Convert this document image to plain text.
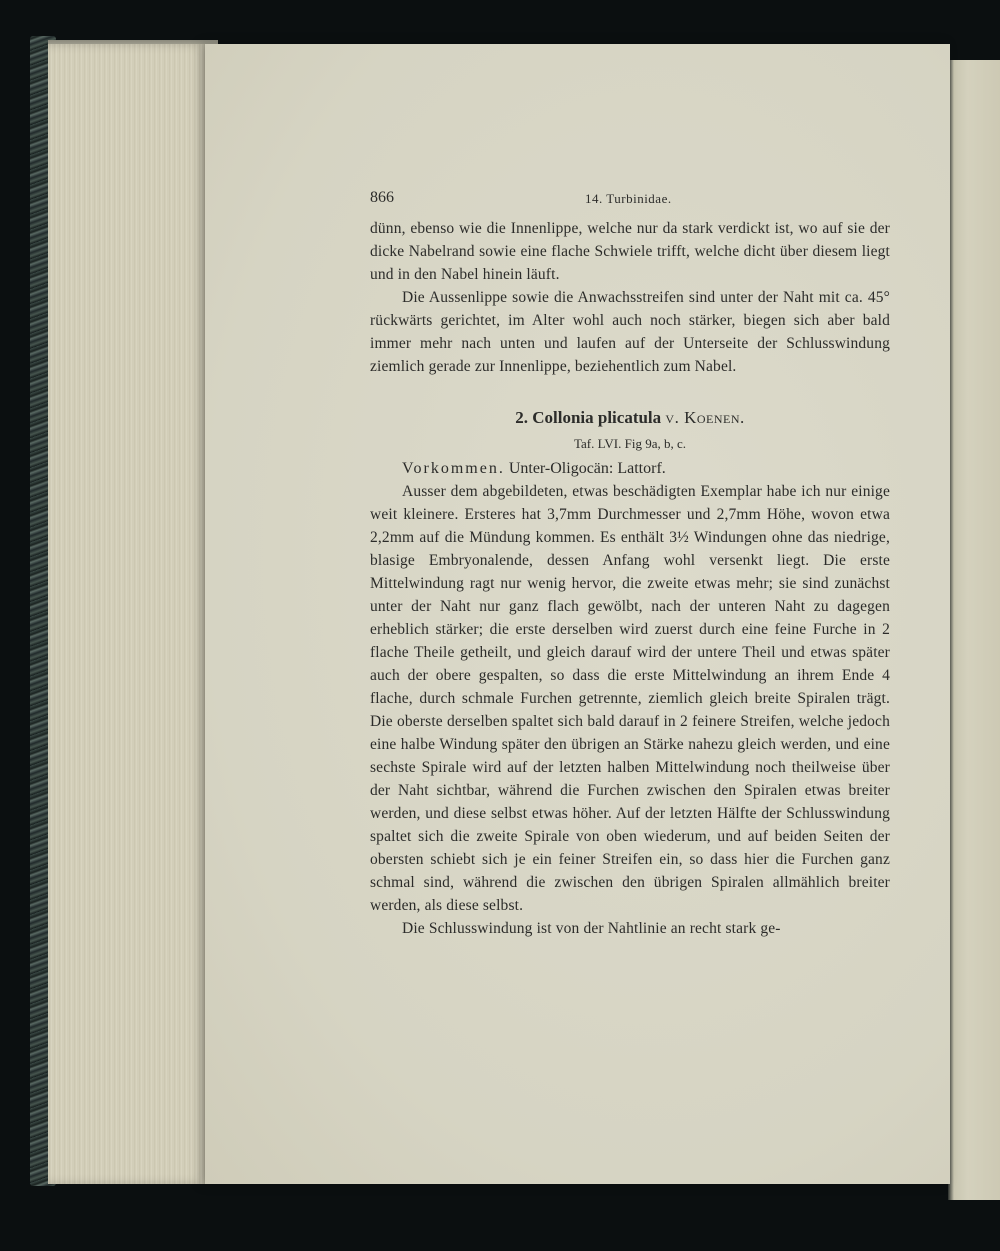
866	14. Turbinidae.

dünn, ebenso wie die Innenlippe, welche nur da stark verdickt ist, wo auf sie der dicke Nabelrand sowie eine flache Schwiele trifft, welche dicht über diesem liegt und in den Nabel hinein läuft.

Die Aussenlippe sowie die Anwachsstreifen sind unter der Naht mit ca. 45° rückwärts gerichtet, im Alter wohl auch noch stärker, biegen sich aber bald immer mehr nach unten und laufen auf der Unterseite der Schlusswindung ziemlich gerade zur Innenlippe, beziehentlich zum Nabel.

2. Collonia plicatula v. Koenen.
Taf. LVI. Fig 9a, b, c.

Vorkommen. Unter-Oligocän: Lattorf.

Ausser dem abgebildeten, etwas beschädigten Exemplar habe ich nur einige weit kleinere. Ersteres hat 3,7mm Durchmesser und 2,7mm Höhe, wovon etwa 2,2mm auf die Mündung kommen. Es enthält 3½ Windungen ohne das niedrige, blasige Embryonalende, dessen Anfang wohl versenkt liegt. Die erste Mittelwindung ragt nur wenig hervor, die zweite etwas mehr; sie sind zunächst unter der Naht nur ganz flach gewölbt, nach der unteren Naht zu dagegen erheblich stärker; die erste derselben wird zuerst durch eine feine Furche in 2 flache Theile getheilt, und gleich darauf wird der untere Theil und etwas später auch der obere gespalten, so dass die erste Mittelwindung an ihrem Ende 4 flache, durch schmale Furchen getrennte, ziemlich gleich breite Spiralen trägt. Die oberste derselben spaltet sich bald darauf in 2 feinere Streifen, welche jedoch eine halbe Windung später den übrigen an Stärke nahezu gleich werden, und eine sechste Spirale wird auf der letzten halben Mittelwindung noch theilweise über der Naht sichtbar, während die Furchen zwischen den Spiralen etwas breiter werden, und diese selbst etwas höher. Auf der letzten Hälfte der Schlusswindung spaltet sich die zweite Spirale von oben wiederum, und auf beiden Seiten der obersten schiebt sich je ein feiner Streifen ein, so dass hier die Furchen ganz schmal sind, während die zwischen den übrigen Spiralen allmählich breiter werden, als diese selbst.

Die Schlusswindung ist von der Nahtlinie an recht stark ge-
